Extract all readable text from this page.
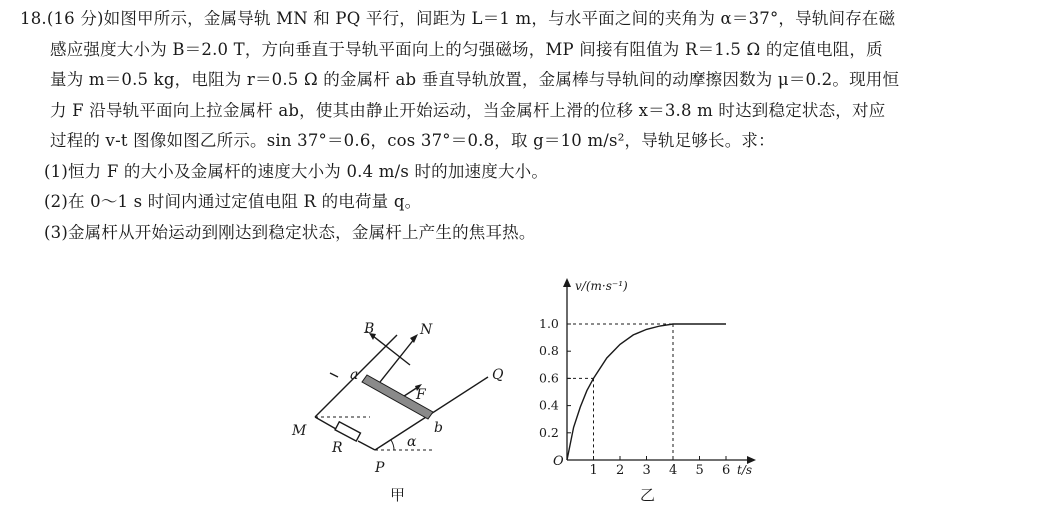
18.(16 分)如图甲所示，金属导轨 MN 和 PQ 平行，间距为 L＝1 m，与水平面之间的夹角为 α＝37°，导轨间存在磁
感应强度大小为 B＝2.0 T，方向垂直于导轨平面向上的匀强磁场，MP 间接有阻值为 R＝1.5 Ω 的定值电阻，质
量为 m＝0.5 kg，电阻为 r＝0.5 Ω 的金属杆 ab 垂直导轨放置，金属棒与导轨间的动摩擦因数为 μ＝0.2。现用恒
力 F 沿导轨平面向上拉金属杆 ab，使其由静止开始运动，当金属杆上滑的位移 x＝3.8 m 时达到稳定状态，对应
过程的 v-t 图像如图乙所示。sin 37°＝0.6，cos 37°＝0.8，取 g＝10 m/s²，导轨足够长。求：
(1)恒力 F 的大小及金属杆的速度大小为 0.4 m/s 时的加速度大小。
(2)在 0～1 s 时间内通过定值电阻 R 的电荷量 q。
(3)金属杆从开始运动到刚达到稳定状态，金属杆上产生的焦耳热。
B	N
a
F
Q
M
R
b
α
P
甲
v/(m·s⁻¹)
t/s
O
1 2 3 4 5 6
0.2
0.4
0.6
0.8
1.0
乙
